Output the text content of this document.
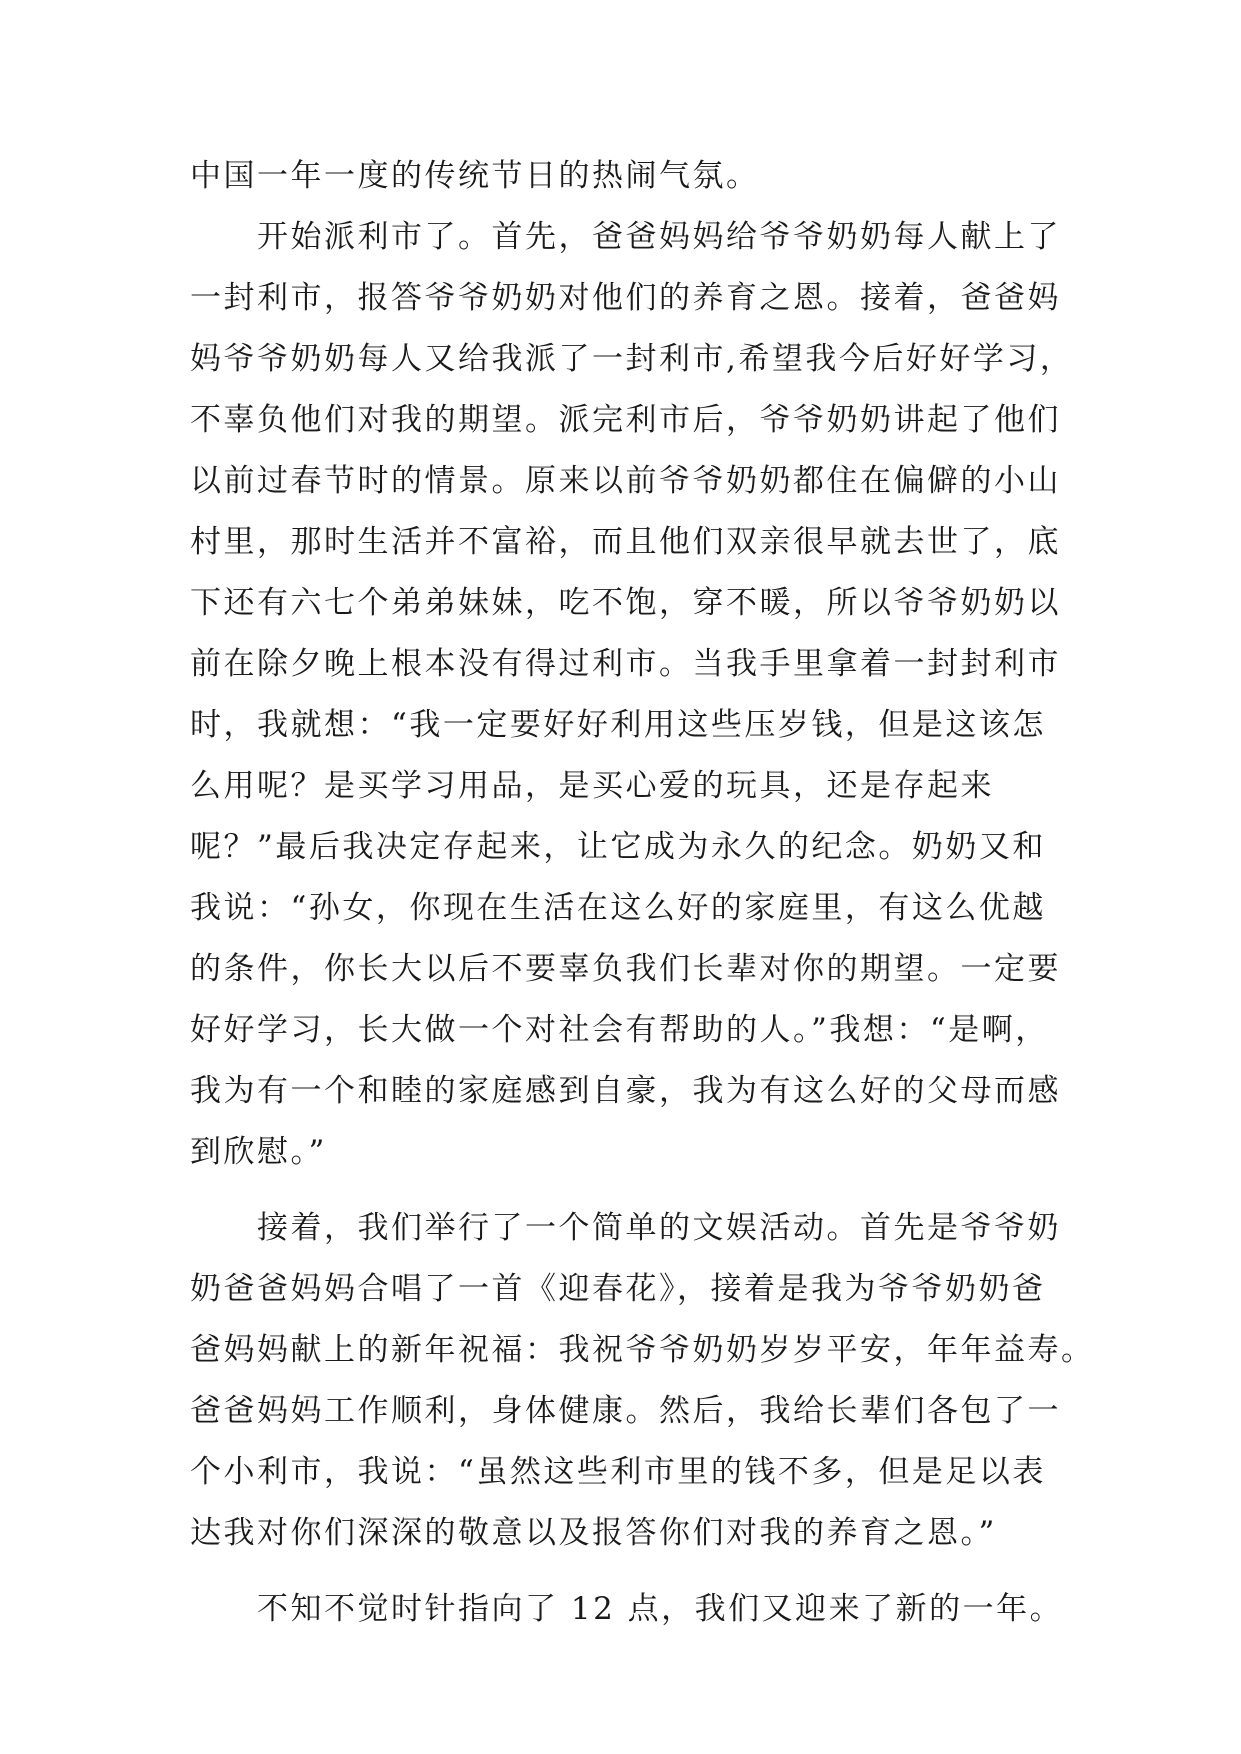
中国一年一度的传统节日的热闹气氛。
　　开始派利市了。首先，爸爸妈妈给爷爷奶奶每人献上了
一封利市，报答爷爷奶奶对他们的养育之恩。接着，爸爸妈
妈爷爷奶奶每人又给我派了一封利市,希望我今后好好学习，
不辜负他们对我的期望。派完利市后，爷爷奶奶讲起了他们
以前过春节时的情景。原来以前爷爷奶奶都住在偏僻的小山
村里，那时生活并不富裕，而且他们双亲很早就去世了，底
下还有六七个弟弟妹妹，吃不饱，穿不暖，所以爷爷奶奶以
前在除夕晚上根本没有得过利市。当我手里拿着一封封利市
时，我就想：“我一定要好好利用这些压岁钱，但是这该怎
么用呢？是买学习用品，是买心爱的玩具，还是存起来
呢？”最后我决定存起来，让它成为永久的纪念。奶奶又和
我说：“孙女，你现在生活在这么好的家庭里，有这么优越
的条件，你长大以后不要辜负我们长辈对你的期望。一定要
好好学习，长大做一个对社会有帮助的人。”我想：“是啊，
我为有一个和睦的家庭感到自豪，我为有这么好的父母而感
到欣慰。”
　　接着，我们举行了一个简单的文娱活动。首先是爷爷奶
奶爸爸妈妈合唱了一首《迎春花》，接着是我为爷爷奶奶爸
爸妈妈献上的新年祝福：我祝爷爷奶奶岁岁平安，年年益寿。
爸爸妈妈工作顺利，身体健康。然后，我给长辈们各包了一
个小利市，我说：“虽然这些利市里的钱不多，但是足以表
达我对你们深深的敬意以及报答你们对我的养育之恩。”
　　不知不觉时针指向了 12 点，我们又迎来了新的一年。
